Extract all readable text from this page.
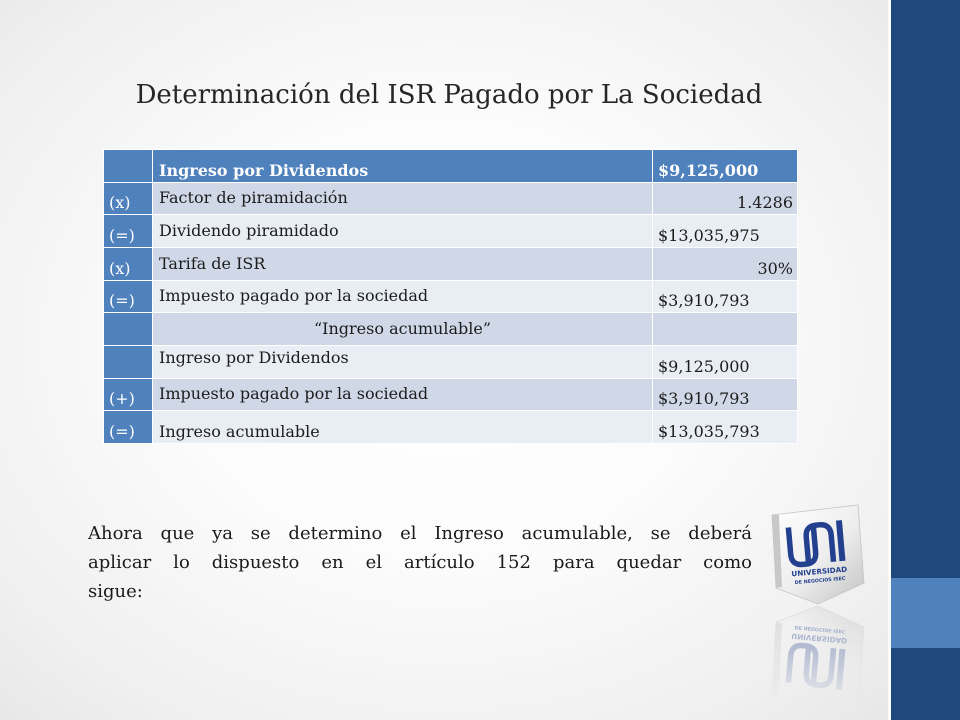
Determinación del ISR Pagado por La Sociedad
	Ingreso por Dividendos	$9,125,000
(x)	Factor de piramidación	1.4286
(=)	Dividendo piramidado	$13,035,975
(x)	Tarifa de ISR	30%
(=)	Impuesto pagado por la sociedad	$3,910,793
	“Ingreso acumulable”	
	Ingreso por Dividendos	$9,125,000
(+)	Impuesto pagado por la sociedad	$3,910,793
(=)	Ingreso acumulable	$13,035,793

Ahora que ya se determino el Ingreso acumulable, se deberá
aplicar lo dispuesto en el artículo 152 para quedar como
sigue:

UNIVERSIDAD
DE NEGOCIOS ISEC
